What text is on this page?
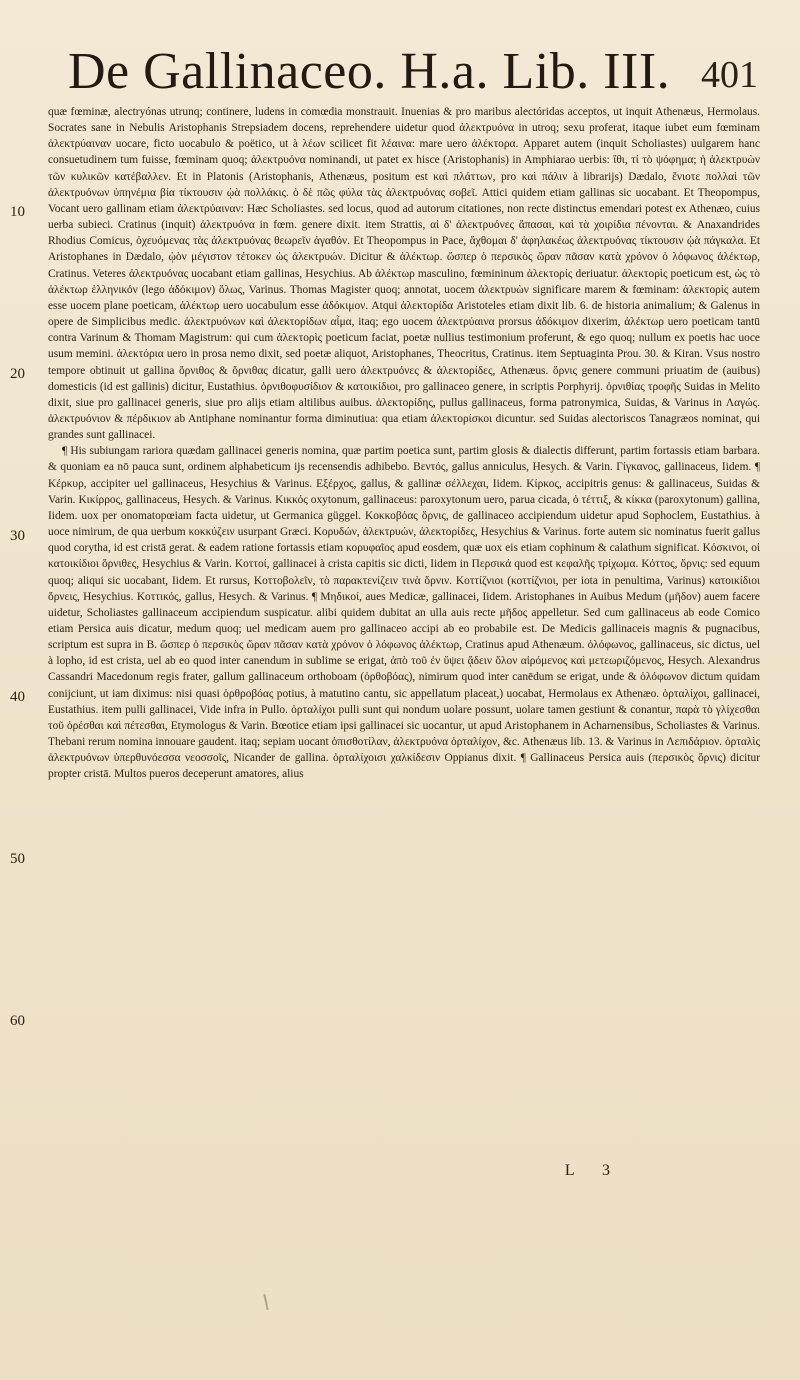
De Gallinaceo. H.a. Lib. III. 401
10
20
30
40
50
60

quæ fœminæ, alectryónas utrunq; continere, ludens in comœdia monstrauit. Inuenias & pro maribus alectóridas acceptos, ut inquit Athenæus, Hermolaus. Socrates sane in Nebulis Aristophanis Strepsiadem docens, reprehendere uidetur quod ἀλεκτρυόνα in utroq; sexu proferat, itaque iubet eum fœminam ἀλεκτρύαιναν uocare, ficto uocabulo & poëtico, ut à λέων scilicet fit λέαινα: mare uero ἀλέκτορα. Apparet autem (inquit Scholiastes) uulgarem hanc consuetudinem tum fuisse, fœminam quoq; ἀλεκτρυόνα nominandi, ut patet ex hisce (Aristophanis) in Amphiarao uerbis: ἴθι, τί τὸ ψόφημα; ἡ ἀλεκτρυὼν τῶν κυλικῶν κατέβαλλεν. Et in Platonis (Aristophanis, Athenæus, positum est καὶ πλάττων, pro καὶ πάλιν à librarijs) Dædalo, ἔνιοτε πολλαὶ τῶν ἀλεκτρυόνων ὑπηνέμια βία τίκτουσιν ᾠὰ πολλάκις. ὁ δὲ πῶς φύλα τὰς ἀλεκτρυόνας σοβεῖ. Attici quidem etiam gallinas sic uocabant. Et Theopompus, Vocant uero gallinam etiam ἀλεκτρύαιναν: Hæc Scholiastes. sed locus, quod ad autorum citationes, non recte distinctus emendari potest ex Athenæo, cuius uerba subieci. Cratinus (inquit) ἀλεκτρυόνα in fœm. genere dixit. item Strattis, αἱ δ' ἀλεκτρυόνες ἅπασαι, καὶ τὰ χοιρίδια πένονται. & Anaxandrides Rhodius Comicus, ὀχευόμενας τὰς ἀλεκτρυόνας θεωρεῖν ἀγαθόν. Et Theopompus in Pace, ἄχθομαι δ' ἀφηλακέως ἀλεκτρυόνας τίκτουσιν ᾠὰ πάγκαλα. Et Aristophanes in Dædalo, ᾠὸν μέγιστον τέτοκεν ὡς ἀλεκτρυών. Dicitur & ἀλέκτωρ. ὥσπερ ὁ περσικὸς ὥραν πᾶσαν κατὰ χρόνον ὁ λόφωνος ἀλέκτωρ, Cratinus. Veteres ἀλεκτρυόνας uocabant etiam gallinas, Hesychius. Ab ἀλέκτωρ masculino, fœmininum ἀλεκτορίς deriuatur. ἀλεκτορὶς poeticum est, ὡς τὸ ἀλέκτωρ ἑλληνικόν (lego ἀδόκιμον) ὅλως, Varinus. Thomas Magister quoq; annotat, uocem ἀλεκτρυὼν significare marem & fœminam: ἀλεκτορὶς autem esse uocem plane poeticam, ἀλέκτωρ uero uocabulum esse ἀδόκιμον. Atqui ἀλεκτορίδα Aristoteles etiam dixit lib. 6. de historia animalium; & Galenus in opere de Simplicibus medic. ἀλεκτρυόνων καὶ ἀλεκτορίδων αἷμα, itaq; ego uocem ἀλεκτρύαινα prorsus ἀδόκιμον dixerim, ἀλέκτωρ uero poeticam tantū contra Varinum & Thomam Magistrum: qui cum ἀλεκτορὶς poeticum faciat, poetæ nullius testimonium proferunt, & ego quoq; nullum ex poetis hac uoce usum memini. ἀλεκτόρια uero in prosa nemo dixit, sed poetæ aliquot, Aristophanes, Theocritus, Cratinus. item Septuaginta Prou. 30. & Kiran. Vsus nostro tempore obtinuit ut gallina ὄρνιθος & ὄρνιθας dicatur, galli uero ἀλεκτρυόνες & ἀλεκτορίδες, Athenæus. ὄρνις genere communi priuatim de (auibus) domesticis (id est gallinis) dicitur, Eustathius. ὀρνιθοφυσίδιον & κατοικίδιοι, pro gallinaceo genere, in scriptis Porphyrij. ὀρνιθίας τροφῆς Suidas in Melito dixit, siue pro gallinacei generis, siue pro alijs etiam altilibus auibus. ἀλεκτορίδης, pullus gallinaceus, forma patronymica, Suidas, & Varinus in Λαγώς. ἀλεκτρυόνιον & πέρδικιον ab Antiphane nominantur forma diminutiua: qua etiam ἀλεκτορίσκοι dicuntur. sed Suidas alectoriscos Tanagræos nominat, qui grandes sunt gallinacei.

¶ His subiungam rariora quædam gallinacei generis nomina, quæ partim poetica sunt, partim glosis & dialectis differunt, partim fortassis etiam barbara. & quoniam ea nō pauca sunt, ordinem alphabeticum ijs recensendis adhibebo. Βεντός, gallus anniculus, Hesych. & Varin. Γίγκανος, gallinaceus, Iidem. ¶ Κέρκυρ, accipiter uel gallinaceus, Hesychius & Varinus. Εξέρχος, gallus, & gallinæ σέλλεχαι, Iidem. Κίρκος, accipitris genus: & gallinaceus, Suidas & Varin. Κικίρρος, gallinaceus, Hesych. & Varinus. Κικκός oxytonum, gallinaceus: paroxytonum uero, parua cicada, ὁ τέττιξ, & κίκκα (paroxytonum) gallina, Iidem. uox per onomatopœiam facta uidetur, ut Germanica güggel. Κοκκοβόας ὄρνις, de gallinaceo accipiendum uidetur apud Sophoclem, Eustathius. à uoce nimirum, de qua uerbum κοκκύζειν usurpant Græci. Κορυδών, ἀλεκτρυών, ἀλεκτορίδες, Hesychius & Varinus. forte autem sic nominatus fuerit gallus quod corytha, id est cristā gerat. & eadem ratione fortassis etiam κορυφαῖος apud eosdem, quæ uox eis etiam cophinum & calathum significat. Κόσκινοι, οἱ κατοικίδιοι ὄρνιθες, Hesychius & Varin. Κοττοί, gallinacei à crista capitis sic dicti, Iidem in Περσικά quod est κεφαλῆς τρίχωμα. Κόττος, ὄρνις: sed equum quoq; aliqui sic uocabant, Iidem. Et rursus, Κοττοβολεῖν, τὸ παρακτενίζειν τινὰ ὄρνιν. Κοττίζνιοι (κοττίζνιοι, per iota in penultima, Varinus) κατοικίδιοι ὄρνεις, Hesychius. Κοττικός, gallus, Hesych. & Varinus. ¶ Μηδικοί, aues Medicæ, gallinacei, Iidem. Aristophanes in Auibus Medum (μῆδον) auem facere uidetur, Scholiastes gallinaceum accipiendum suspicatur. alibi quidem dubitat an ulla auis recte μῆδος appelletur. Sed cum gallinaceus ab eode Comico etiam Persica auis dicatur, medum quoq; uel medicam auem pro gallinaceo accipi ab eo probabile est. De Medicis gallinaceis magnis & pugnacibus, scriptum est supra in B. ὥσπερ ὁ περσικὸς ὥραν πᾶσαν κατὰ χρόνον ὁ λόφωνος ἀλέκτωρ, Cratinus apud Athenæum. ὀλόφωνος, gallinaceus, sic dictus, uel à lopho, id est crista, uel ab eo quod inter canendum in sublime se erigat, ἀπὸ τοῦ ἐν ὕψει ᾄδειν ὅλον αἰρόμενος καὶ μετεωριζόμενος, Hesych. Alexandrus Cassandri Macedonum regis frater, gallum gallinaceum orthoboam (ὀρθοβόας), nimirum quod inter canēdum se erigat, unde & ὀλόφωνον dictum quidam conijciunt, ut iam diximus: nisi quasi ὀρθροβόας potius, à matutino cantu, sic appellatum placeat,) uocabat, Hermolaus ex Athenæo. ὀρταλίχοι, gallinacei, Eustathius. item pulli gallinacei, Vide infra in Pullo. ὀρταλίχοι pulli sunt qui nondum uolare possunt, uolare tamen gestiunt & conantur, παρὰ τὸ γλίχεσθαι τοῦ ὀρέσθαι καὶ πέτεσθαι, Etymologus & Varin. Bœotice etiam ipsi gallinacei sic uocantur, ut apud Aristophanem in Acharnensibus, Scholiastes & Varinus. Thebani rerum nomina innouare gaudent. itaq; sepiam uocant ὀπισθοτίλαν, ἀλεκτρυόνα ὀρταλίχον, &c. Athenæus lib. 13. & Varinus in Λεπιδάριον. ὀρταλὶς ἀλεκτρυόνων ὑπερθυνόεσσα νεοσσοῖς, Nicander de gallina. ὀρταλίχοισι χαλκίδεσιν Oppianus dixit. ¶ Gallinaceus Persica auis (περσικὸς ὄρνις) dicitur propter cristā. Multos pueros deceperunt amatores, alius

L 3
